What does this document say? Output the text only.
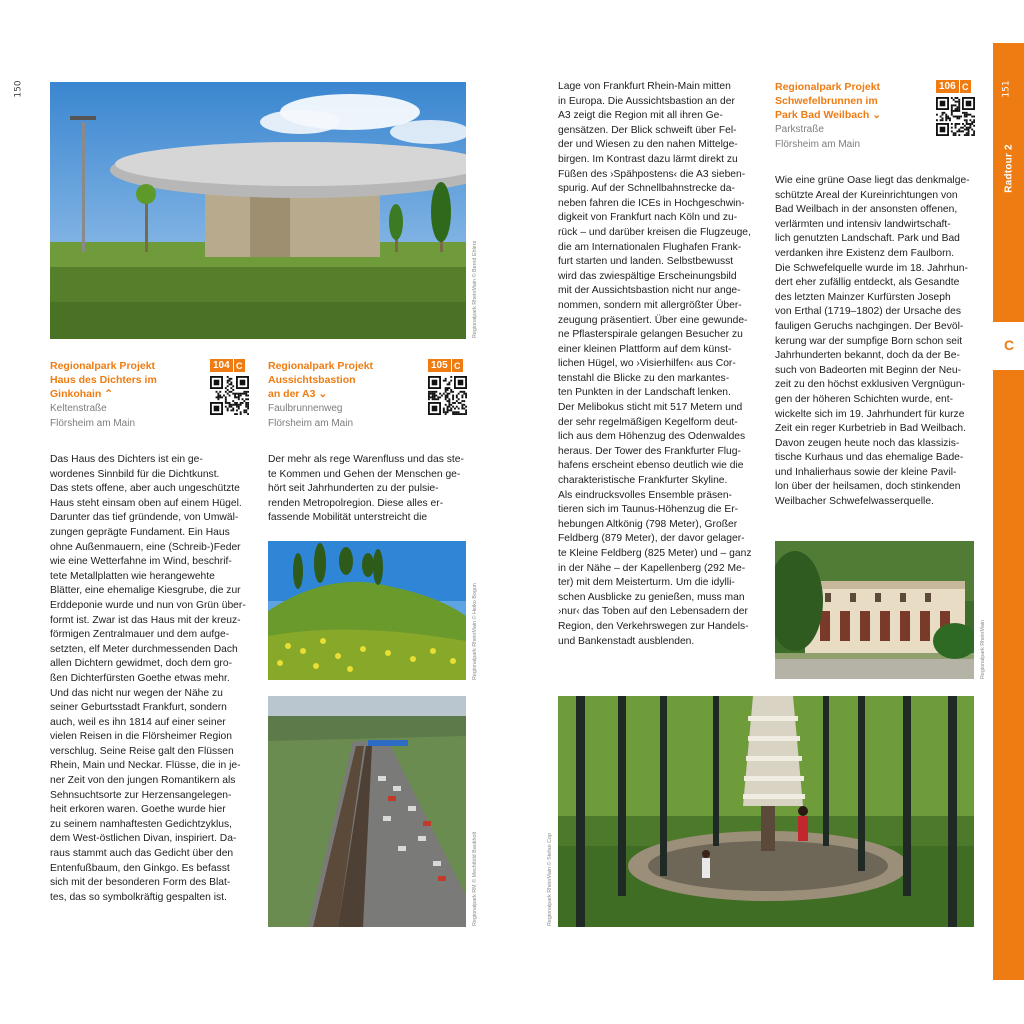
150	151
Radtour 2
C
Regionalpark RheinMain © Bernd Ehlers
Regionalpark Projekt
Haus des Dichters im
Ginkohain ⌃
Keltenstraße
Flörsheim am Main
104 C Regionalpark Projekt
Aussichtsbastion
an der A3 ⌄
Faulbrunnenweg
Flörsheim am Main
105 C
Regionalpark Projekt
Schwefelbrunnen im
Park Bad Weilbach ⌄
Parkstraße
Flörsheim am Main
106 C
Das Haus des Dichters ist ein ge-
wordenes Sinnbild für die Dichtkunst.
Das stets offene, aber auch ungeschützte
Haus steht einsam oben auf einem Hügel.
Darunter das tief gründende, von Umwäl-
zungen geprägte Fundament. Ein Haus
ohne Außenmauern, eine (Schreib-)Feder
wie eine Wetterfahne im Wind, beschrif-
tete Metallplatten wie herangewehte
Blätter, eine ehemalige Kiesgrube, die zur
Erddeponie wurde und nun von Grün über-
formt ist. Zwar ist das Haus mit der kreuz-
förmigen Zentralmauer und dem aufge-
setzten, elf Meter durchmessenden Dach
allen Dichtern gewidmet, doch dem gro-
ßen Dichterfürsten Goethe etwas mehr.
Und das nicht nur wegen der Nähe zu
seiner Geburtsstadt Frankfurt, sondern
auch, weil es ihn 1814 auf einer seiner
vielen Reisen in die Flörsheimer Region
verschlug. Seine Reise galt den Flüssen
Rhein, Main und Neckar. Flüsse, die in je-
ner Zeit von den jungen Romantikern als
Sehnsuchtsorte zur Herzensangelegen-
heit erkoren waren. Goethe wurde hier
zu seinem namhaftesten Gedichtzyklus,
dem West-östlichen Divan, inspiriert. Da-
raus stammt auch das Gedicht über den
Entenfußbaum, den Ginkgo. Es befasst
sich mit der besonderen Form des Blat-
tes, das so symbolkräftig gespalten ist.
Der mehr als rege Warenfluss und das ste-
te Kommen und Gehen der Menschen ge-
hört seit Jahrhunderten zu der pulsie-
renden Metropolregion. Diese alles er-
fassende Mobilität unterstreicht die
Lage von Frankfurt Rhein-Main mitten
in Europa. Die Aussichtsbastion an der
A3 zeigt die Region mit all ihren Ge-
gensätzen. Der Blick schweift über Fel-
der und Wiesen zu den nahen Mittelge-
birgen. Im Kontrast dazu lärmt direkt zu
Füßen des ›Spähpostens‹ die A3 sieben-
spurig. Auf der Schnellbahnstrecke da-
neben fahren die ICEs in Hochgeschwin-
digkeit von Frankfurt nach Köln und zu-
rück – und darüber kreisen die Flugzeuge,
die am Internationalen Flughafen Frank-
furt starten und landen. Selbstbewusst
wird das zwiespältige Erscheinungsbild
mit der Aussichtsbastion nicht nur ange-
nommen, sondern mit allergrößter Über-
zeugung präsentiert. Über eine gewunde-
ne Pflasterspirale gelangen Besucher zu
einer kleinen Plattform auf dem künst-
lichen Hügel, wo ›Visierhilfen‹ aus Cor-
tenstahl die Blicke zu den markantes-
ten Punkten in der Landschaft lenken.
Der Melibokus sticht mit 517 Metern und
der sehr regelmäßigen Kegelform deut-
lich aus dem Höhenzug des Odenwaldes
heraus. Der Tower des Frankfurter Flug-
hafens erscheint ebenso deutlich wie die
charakteristische Frankfurter Skyline.
Als eindrucksvolles Ensemble präsen-
tieren sich im Taunus-Höhenzug die Er-
hebungen Altkönig (798 Meter), Großer
Feldberg (879 Meter), der davor gelager-
te Kleine Feldberg (825 Meter) und – ganz
in der Nähe – der Kapellenberg (292 Me-
ter) mit dem Meisterturm. Um die idylli-
schen Ausblicke zu genießen, muss man
›nur‹ das Toben auf den Lebensadern der
Region, den Verkehrswegen zur Handels-
und Bankenstadt ausblenden.
Wie eine grüne Oase liegt das denkmalge-
schützte Areal der Kureinrichtungen von
Bad Weilbach in der ansonsten offenen,
verlärmten und intensiv landwirtschaft-
lich genutzten Landschaft. Park und Bad
verdanken ihre Existenz dem Faulborn.
Die Schwefelquelle wurde im 18. Jahrhun-
dert eher zufällig entdeckt, als Gesandte
des letzten Mainzer Kurfürsten Joseph
von Erthal (1719–1802) der Ursache des
fauligen Geruchs nachgingen. Der Bevöl-
kerung war der sumpfige Born schon seit
Jahrhunderten bekannt, doch da der Be-
such von Badeorten mit Beginn der Neu-
zeit zu den höchst exklusiven Vergnügun-
gen der höheren Schichten wurde, ent-
wickelte sich im 19. Jahrhundert für kurze
Zeit ein reger Kurbetrieb in Bad Weilbach.
Davon zeugen heute noch das klassizis-
tische Kurhaus und das ehemalige Bade-
und Inhalierhaus sowie der kleine Pavil-
lon über der heilsamen, doch stinkenden
Weilbacher Schwefelwasserquelle.
Regionalpark RheinMain © Heiko Bogun
Regionalpark RM © Mechthild Baukholt
Regionalpark RheinMain
Regionalpark RheinMain © Stefan Cop
